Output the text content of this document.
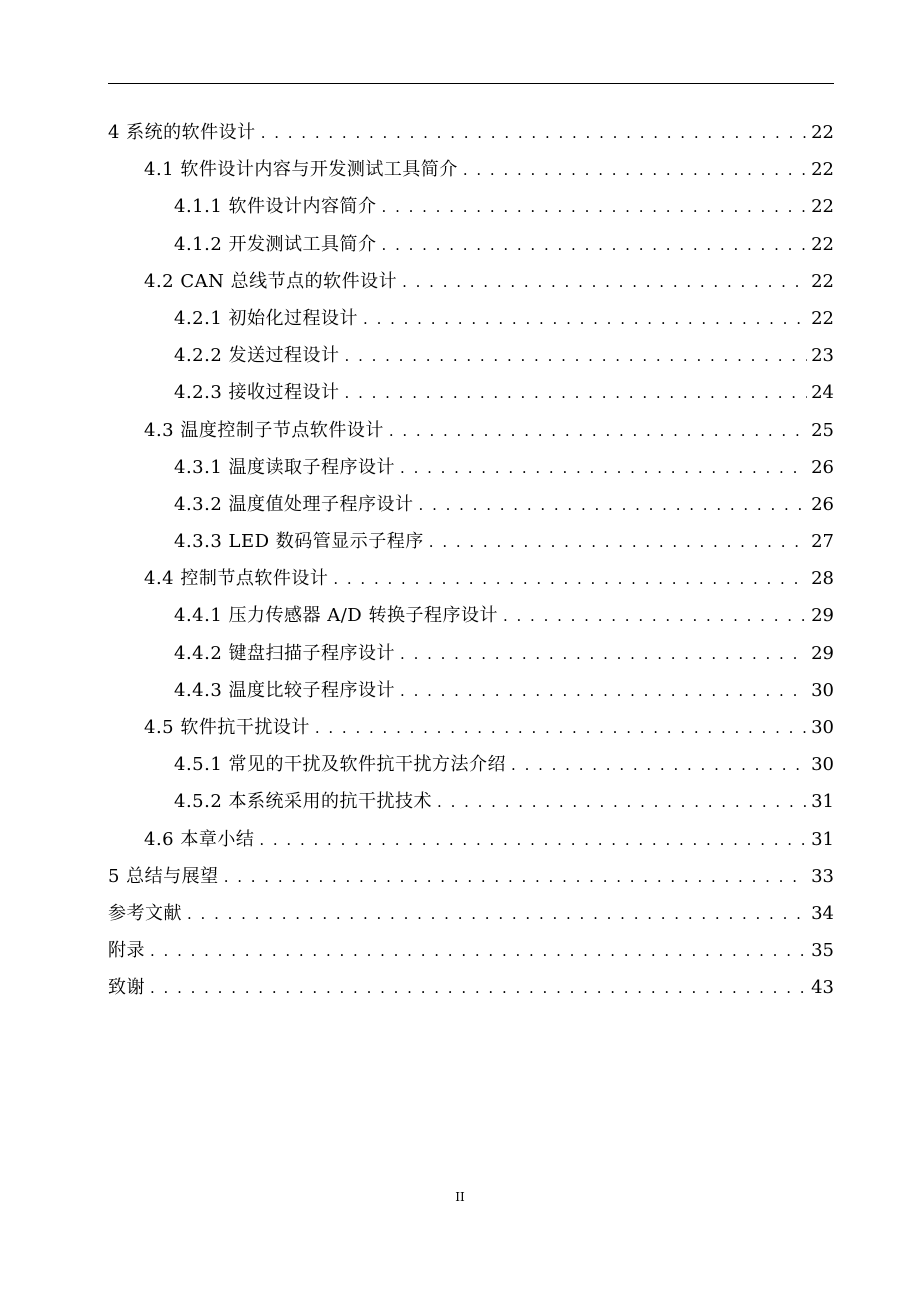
4 系统的软件设计 . . .	22
4.1 软件设计内容与开发测试工具简介 . . .	22
4.1.1 软件设计内容简介 . . .	22
4.1.2 开发测试工具简介 . . .	22
4.2 CAN 总线节点的软件设计 . . .	22
4.2.1 初始化过程设计 . . .	22
4.2.2 发送过程设计 . . .	23
4.2.3 接收过程设计 . . .	24
4.3 温度控制子节点软件设计 . . .	25
4.3.1 温度读取子程序设计 . . .	26
4.3.2 温度值处理子程序设计 . . .	26
4.3.3 LED 数码管显示子程序 . . .	27
4.4 控制节点软件设计 . . .	28
4.4.1 压力传感器 A/D 转换子程序设计 . . .	29
4.4.2 键盘扫描子程序设计 . . .	29
4.4.3 温度比较子程序设计 . . .	30
4.5 软件抗干扰设计 . . .	30
4.5.1 常见的干扰及软件抗干扰方法介绍 . . .	30
4.5.2 本系统采用的抗干扰技术 . . .	31
4.6 本章小结 . . .	31
5 总结与展望 . . .	33
参考文献 . . .	34
附录 . . .	35
致谢 . . .	43
II
